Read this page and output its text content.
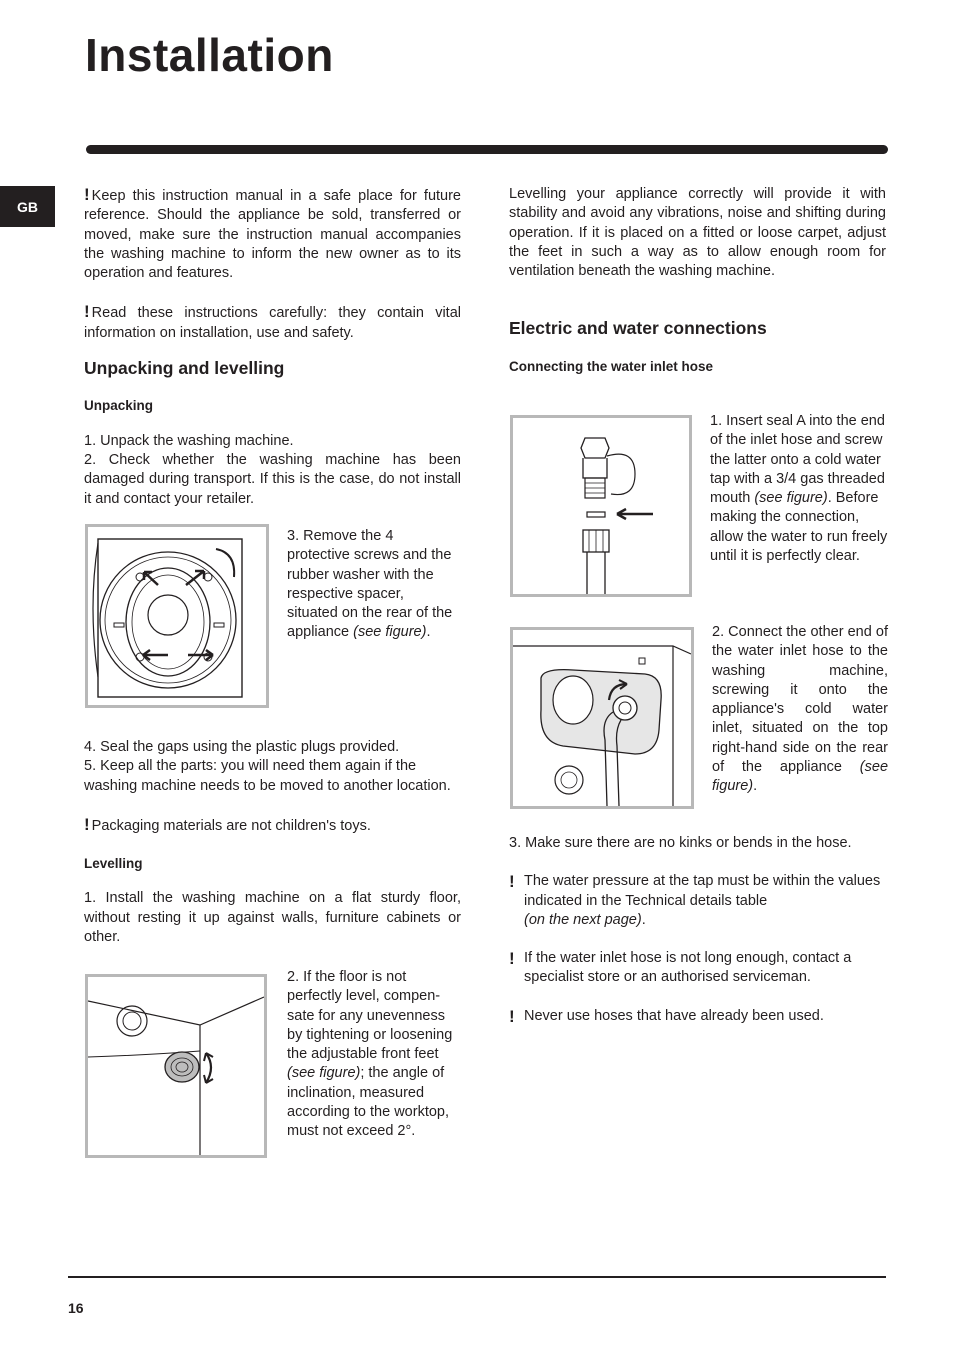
Installation
GB

! Keep this instruction manual in a safe place for future reference. Should the appliance be sold, transferred or moved, make sure the instruction manual accompanies the washing machine to inform the new owner as to its operation and features.

! Read these instructions carefully: they contain vital information on installation, use and safety.

Unpacking and levelling

Unpacking

1. Unpack the washing machine.

2. Check whether the washing machine has been damaged during transport. If this is the case, do not install it and contact your retailer.

3. Remove the 4 protective screws and the rubber washer with the respective spacer, situated on the rear of the appliance (see figure).

4. Seal the gaps using the plastic plugs provided.

5. Keep all the parts: you will need them again if the washing machine needs to be moved to another location.

! Packaging materials are not children's toys.

Levelling

1. Install the washing machine on a flat sturdy floor, without resting it up against walls, furniture cabinets or other.

2. If the floor is not perfectly level, compen-sate for any unevenness by tightening or loosening the adjustable front feet (see figure); the angle of inclination, measured according to the worktop, must not exceed 2°.

Levelling your appliance correctly will provide it with stability and avoid any vibrations, noise and shifting during operation. If it is placed on a fitted or loose carpet, adjust the feet in such a way as to allow enough room for ventilation beneath the washing machine.

Electric and water connections

Connecting the water inlet hose

1. Insert seal A into the end of the inlet hose and screw the latter onto a cold water tap with a 3/4 gas threaded mouth (see figure). Before making the connection, allow the water to run freely until it is perfectly clear.

2. Connect the other end of the water inlet hose to the washing machine, screwing it onto the appliance's cold water inlet, situated on the top right-hand side on the rear of the appliance (see figure).

3. Make sure there are no kinks or bends in the hose.

! The water pressure at the tap must be within the values indicated in the Technical details table
(on the next page).

! If the water inlet hose is not long enough, contact a specialist store or an authorised serviceman.

! Never use hoses that have already been used.

16
